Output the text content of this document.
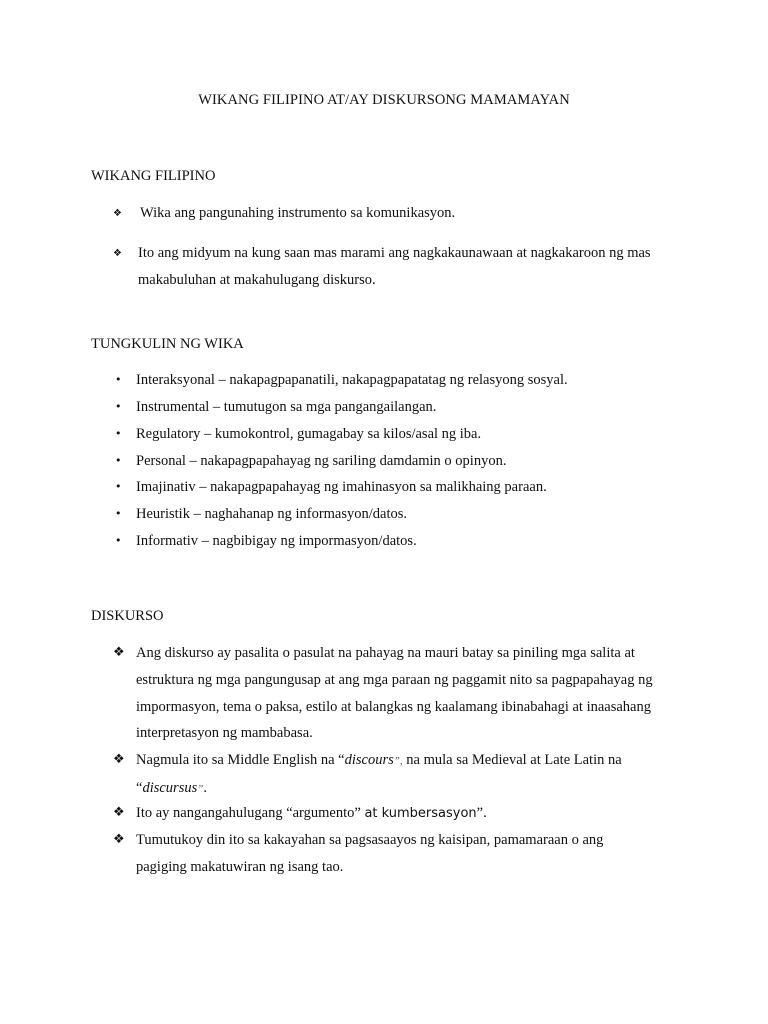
WIKANG FILIPINO AT/AY DISKURSONG MAMAMAYAN
WIKANG FILIPINO
❖	Wika ang pangunahing instrumento sa komunikasyon.
❖	Ito ang midyum na kung saan mas marami ang nagkakaunawaan at nagkakaroon ng mas
makabuluhan at makahulugang diskurso.
TUNGKULIN NG WIKA
•	Interaksyonal – nakapagpapanatili, nakapagpapatatag ng relasyong sosyal.
•	Instrumental – tumutugon sa mga pangangailangan.
•	Regulatory – kumokontrol, gumagabay sa kilos/asal ng iba.
•	Personal – nakapagpapahayag ng sariling damdamin o opinyon.
•	Imajinativ – nakapagpapahayag ng imahinasyon sa malikhaing paraan.
•	Heuristik – naghahanap ng informasyon/datos.
•	Informativ – nagbibigay ng impormasyon/datos.
DISKURSO
❖ Ang diskurso ay pasalita o pasulat na pahayag na mauri batay sa piniling mga salita at
estruktura ng mga pangungusap at ang mga paraan ng paggamit nito sa pagpapahayag ng
impormasyon, tema o paksa, estilo at balangkas ng kaalamang ibinabahagi at inaasahang
interpretasyon ng mambabasa.
❖ Nagmula ito sa Middle English na “discours”, na mula sa Medieval at Late Latin na
“discursus”.
❖ Ito ay nangangahulugang “argumento” at kumbersasyon”.
❖ Tumutukoy din ito sa kakayahan sa pagsasaayos ng kaisipan, pamamaraan o ang
pagiging makatuwiran ng isang tao.
